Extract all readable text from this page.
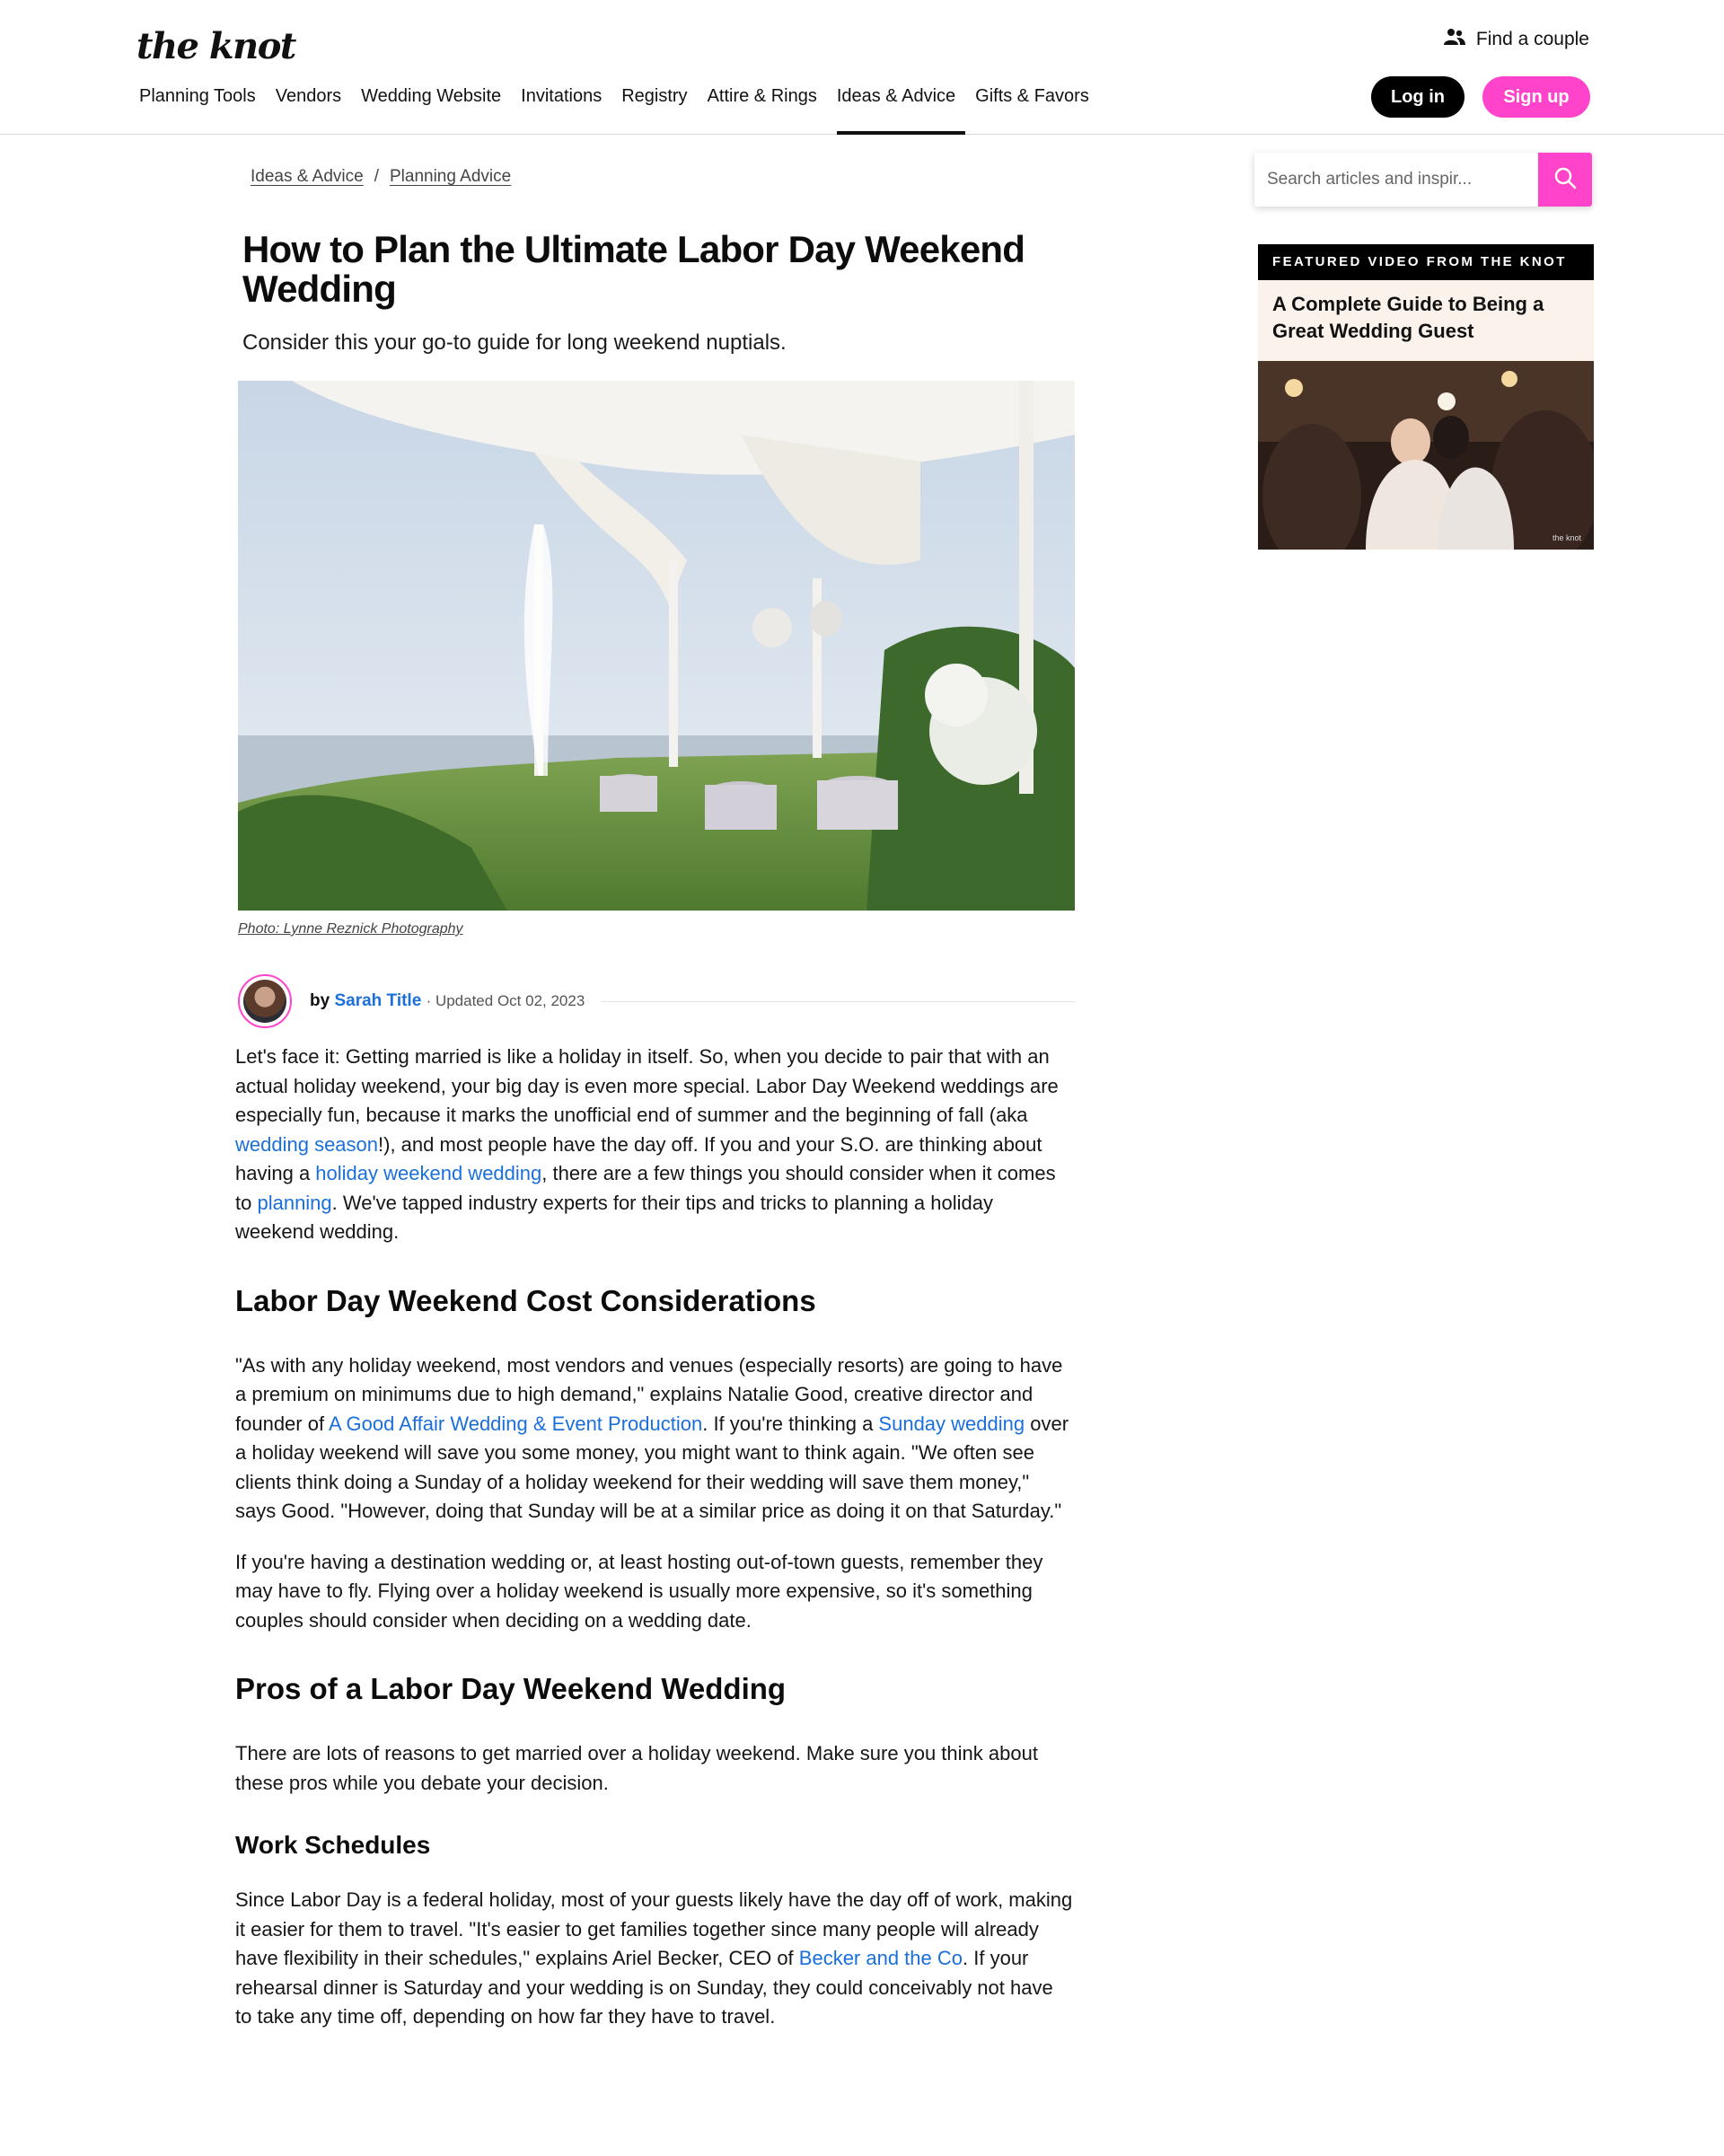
the knot	Find a couple
Planning Tools	Vendors	Wedding Website	Invitations	Registry	Attire & Rings	Ideas & Advice	Gifts & Favors	Log in	Sign up
Ideas & Advice / Planning Advice
How to Plan the Ultimate Labor Day Weekend Wedding
Consider this your go-to guide for long weekend nuptials.
Photo: Lynne Reznick Photography
by Sarah Title · Updated Oct 02, 2023

Let's face it: Getting married is like a holiday in itself. So, when you decide to pair that with an actual holiday weekend, your big day is even more special. Labor Day Weekend weddings are especially fun, because it marks the unofficial end of summer and the beginning of fall (aka wedding season!), and most people have the day off. If you and your S.O. are thinking about having a holiday weekend wedding, there are a few things you should consider when it comes to planning. We've tapped industry experts for their tips and tricks to planning a holiday weekend wedding.

Labor Day Weekend Cost Considerations

"As with any holiday weekend, most vendors and venues (especially resorts) are going to have a premium on minimums due to high demand," explains Natalie Good, creative director and founder of A Good Affair Wedding & Event Production. If you're thinking a Sunday wedding over a holiday weekend will save you some money, you might want to think again. "We often see clients think doing a Sunday of a holiday weekend for their wedding will save them money," says Good. "However, doing that Sunday will be at a similar price as doing it on that Saturday."

If you're having a destination wedding or, at least hosting out-of-town guests, remember they may have to fly. Flying over a holiday weekend is usually more expensive, so it's something couples should consider when deciding on a wedding date.

Pros of a Labor Day Weekend Wedding

There are lots of reasons to get married over a holiday weekend. Make sure you think about these pros while you debate your decision.

Work Schedules

Since Labor Day is a federal holiday, most of your guests likely have the day off of work, making it easier for them to travel. "It's easier to get families together since many people will already have flexibility in their schedules," explains Ariel Becker, CEO of Becker and the Co. If your rehearsal dinner is Saturday and your wedding is on Sunday, they could conceivably not have to take any time off, depending on how far they have to travel.

Search articles and inspir...
FEATURED VIDEO FROM THE KNOT
A Complete Guide to Being a Great Wedding Guest
the knot
